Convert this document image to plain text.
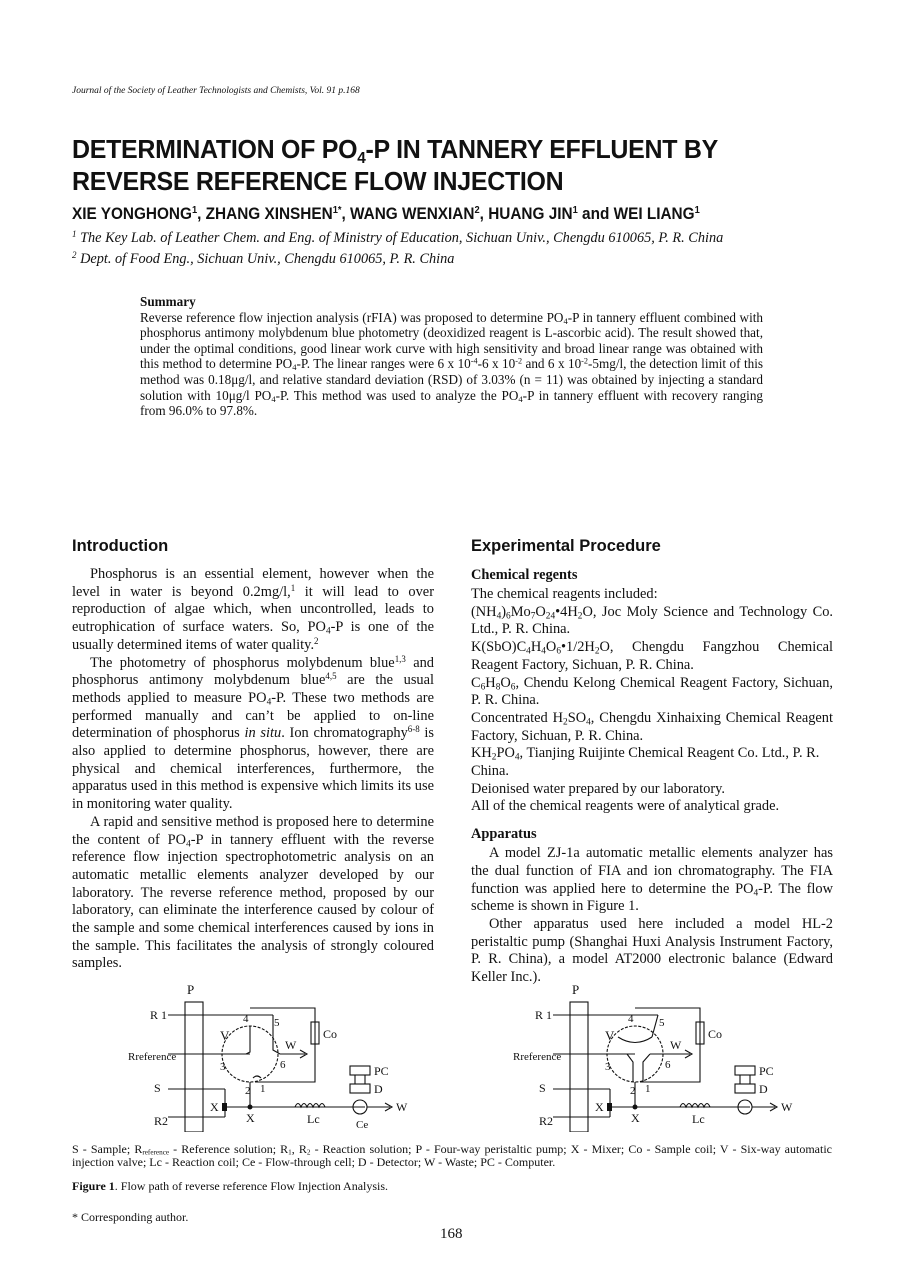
Journal of the Society of Leather Technologists and Chemists, Vol. 91 p.168
DETERMINATION OF $PO_4-P$ IN TANNERY EFFLUENT BY
REVERSE REFERENCE FLOW INJECTION
XIE YONGHONG$^1$, ZHANG $XINSHEN^{1*}$, WANG WENXIAN$^2$, HUANG JIN$^1$ and WEI LIANG$^1$
$^1$ The Key Lab. of Leather Chem. and Eng. of Ministry of Education, Sichuan Univ., Chengdu 610065, P. R. China
$^2$ Dept. of Food Eng., Sichuan Univ., Chengdu 610065, P. R. China
Summary

Reverse reference flow injection analysis (rFIA) was proposed to determine $PO_4-P$ in tannery effluent combined with phosphorus antimony molybdenum blue photometry (deoxidized reagent is L-ascorbic acid). The result showed that, under the optimal conditions, good linear work curve with high sensitivity and broad linear range was obtained with this method to determine $PO_4-P$. The linear ranges were 6 x $10^{-4}-6$ x $10^{-2}$ and 6 x $10^{-2}-5mg/l$, the detection limit of this method was 0.18μg/l, and relative standard deviation (RSD) of 3.03% (n = 11) was obtained by injecting a standard solution with 10μg/l $PO_4-P$. This method was used to analyze the $PO_4-P$ in tannery effluent with recovery ranging from 96.0% to 97.8%.

Introduction

Phosphorus is an essential element, however when the level in water is beyond 0.2mg/l,$^1$ it will lead to over reproduction of algae which, when uncontrolled, leads to eutrophication of surface waters. So, $PO_4-P$ is one of the usually determined items of water quality.$^2$

The photometry of phosphorus molybdenum blue$^{1,3}$ and phosphorus antimony molybdenum blue$^{4,5}$ are the usual methods applied to measure $PO_4-P$. These two methods are performed manually and can’t be applied to on-line determination of phosphorus in situ. Ion chromatography$^{6-8}$ is also applied to determine phosphorus, however, there are physical and chemical interferences, furthermore, the apparatus used in this method is expensive which limits its use in monitoring water quality.

A rapid and sensitive method is proposed here to determine the content of $PO_4-P$ in tannery effluent with the reverse reference flow injection spectrophotometric analysis on an automatic metallic elements analyzer developed by our laboratory. The reverse reference method, proposed by our laboratory, can eliminate the interference caused by colour of the sample and some chemical interferences caused by ions in the sample. This facilitates the analysis of strongly coloured samples.

Experimental Procedure
Chemical regents

The chemical reagents included:

$(NH_4)_6Mo_7O_{24}•4H_2O$, Joc Moly Science and Technology Co. Ltd., P. R. China.

$K(SbO)C_4H_4O_6•1/2H_2O$, Chengdu Fangzhou Chemical Reagent Factory, Sichuan, P. R. China.

$C_6H_8O_6$, Chendu Kelong Chemical Reagent Factory, Sichuan, P. R. China.

Concentrated $H_2SO_4$, Chengdu Xinhaixing Chemical Reagent Factory, Sichuan, P. R. China.

$KH_2PO_4$, Tianjing Ruijinte Chemical Reagent Co. Ltd., P. R. China.

Deionised water prepared by our laboratory.

All of the chemical reagents were of analytical grade.

Apparatus

A model ZJ-1a automatic metallic elements analyzer has the dual function of FIA and ion chromatography. The FIA function was applied here to determine the $PO_4-P$. The flow scheme is shown in Figure 1.

Other apparatus used here included a model HL-2 peristaltic pump (Shanghai Huxi Analysis Instrument Factory, P. R. China), a model AT2000 electronic balance (Edward Keller Inc.).

P
R 1
Rreference
S
R2
V
4 5
3	6
2 1
W
Co
X
X	Lc
PC
D
W
Ce
P
R 1
Rreference
S
R2
V
4 5
3	6
2 1
W
Co
X
X	Lc
PC
D
W
S - Sample; $R_{reference}$ - Reference solution; $R_1$, $R_2$ - Reaction solution; P - Four-way peristaltic pump; X - Mixer; Co - Sample coil; V - Six-way automatic injection valve; Lc - Reaction coil; Ce - Flow-through cell; D - Detector; W - Waste; PC - Computer.
Figure 1. Flow path of reverse reference Flow Injection Analysis.
* Corresponding author.
168
